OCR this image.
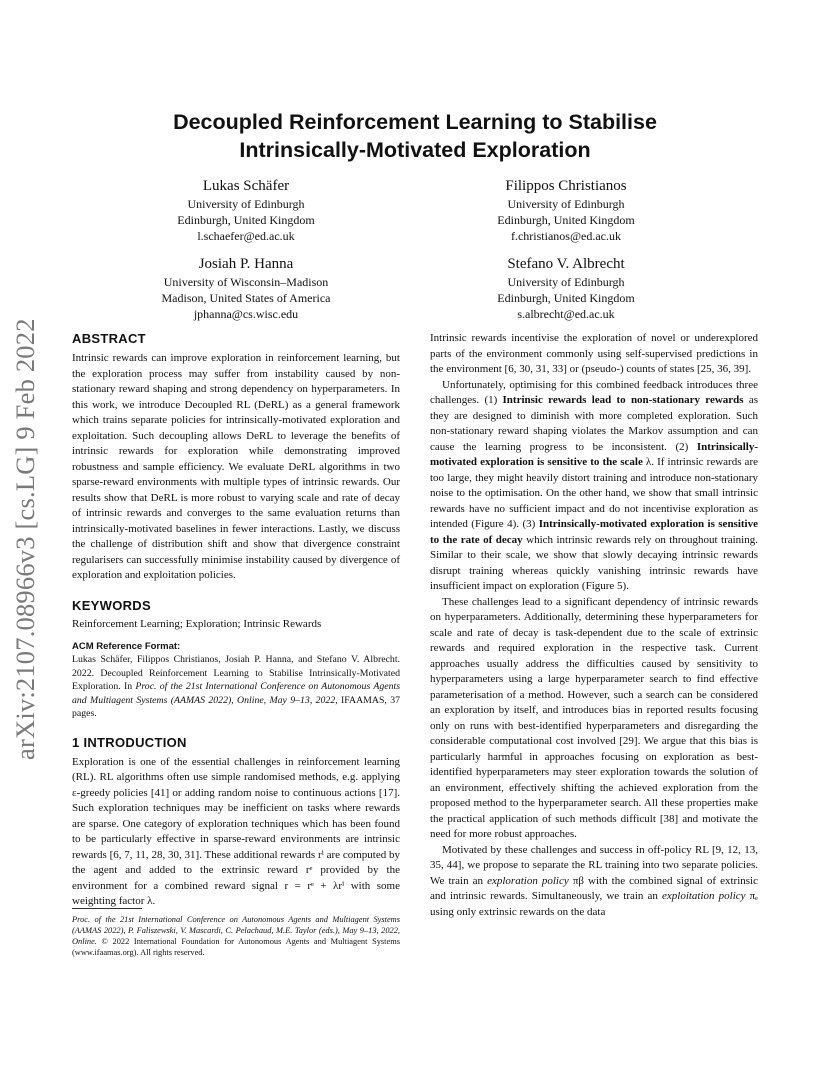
arXiv:2107.08966v3 [cs.LG] 9 Feb 2022
Decoupled Reinforcement Learning to Stabilise
Intrinsically-Motivated Exploration
Lukas Schäfer
University of Edinburgh
Edinburgh, United Kingdom
l.schaefer@ed.ac.uk
Filippos Christianos
University of Edinburgh
Edinburgh, United Kingdom
f.christianos@ed.ac.uk
Josiah P. Hanna
University of Wisconsin–Madison
Madison, United States of America
jphanna@cs.wisc.edu
Stefano V. Albrecht
University of Edinburgh
Edinburgh, United Kingdom
s.albrecht@ed.ac.uk
ABSTRACT

Intrinsic rewards can improve exploration in reinforcement learning, but the exploration process may suffer from instability caused by non-stationary reward shaping and strong dependency on hyperparameters. In this work, we introduce Decoupled RL (DeRL) as a general framework which trains separate policies for intrinsically-motivated exploration and exploitation. Such decoupling allows DeRL to leverage the benefits of intrinsic rewards for exploration while demonstrating improved robustness and sample efficiency. We evaluate DeRL algorithms in two sparse-reward environments with multiple types of intrinsic rewards. Our results show that DeRL is more robust to varying scale and rate of decay of intrinsic rewards and converges to the same evaluation returns than intrinsically-motivated baselines in fewer interactions. Lastly, we discuss the challenge of distribution shift and show that divergence constraint regularisers can successfully minimise instability caused by divergence of exploration and exploitation policies.

KEYWORDS

Reinforcement Learning; Exploration; Intrinsic Rewards

ACM Reference Format:

Lukas Schäfer, Filippos Christianos, Josiah P. Hanna, and Stefano V. Albrecht. 2022. Decoupled Reinforcement Learning to Stabilise Intrinsically-Motivated Exploration. In Proc. of the 21st International Conference on Autonomous Agents and Multiagent Systems (AAMAS 2022), Online, May 9–13, 2022, IFAAMAS, 37 pages.

1 INTRODUCTION

Exploration is one of the essential challenges in reinforcement learning (RL). RL algorithms often use simple randomised methods, e.g. applying ε-greedy policies [41] or adding random noise to continuous actions [17]. Such exploration techniques may be inefficient on tasks where rewards are sparse. One category of exploration techniques which has been found to be particularly effective in sparse-reward environments are intrinsic rewards [6, 7, 11, 28, 30, 31]. These additional rewards rⁱ are computed by the agent and added to the extrinsic reward rᵉ provided by the environment for a combined reward signal r = rᵉ + λrⁱ with some weighting factor λ.

Proc. of the 21st International Conference on Autonomous Agents and Multiagent Systems (AAMAS 2022), P. Faliszewski, V. Mascardi, C. Pelachaud, M.E. Taylor (eds.), May 9–13, 2022, Online. © 2022 International Foundation for Autonomous Agents and Multiagent Systems (www.ifaamas.org). All rights reserved.

Intrinsic rewards incentivise the exploration of novel or underexplored parts of the environment commonly using self-supervised predictions in the environment [6, 30, 31, 33] or (pseudo-) counts of states [25, 36, 39].

Unfortunately, optimising for this combined feedback introduces three challenges. (1) Intrinsic rewards lead to non-stationary rewards as they are designed to diminish with more completed exploration. Such non-stationary reward shaping violates the Markov assumption and can cause the learning progress to be inconsistent. (2) Intrinsically-motivated exploration is sensitive to the scale λ. If intrinsic rewards are too large, they might heavily distort training and introduce non-stationary noise to the optimisation. On the other hand, we show that small intrinsic rewards have no sufficient impact and do not incentivise exploration as intended (Figure 4). (3) Intrinsically-motivated exploration is sensitive to the rate of decay which intrinsic rewards rely on throughout training. Similar to their scale, we show that slowly decaying intrinsic rewards disrupt training whereas quickly vanishing intrinsic rewards have insufficient impact on exploration (Figure 5).

These challenges lead to a significant dependency of intrinsic rewards on hyperparameters. Additionally, determining these hyperparameters for scale and rate of decay is task-dependent due to the scale of extrinsic rewards and required exploration in the respective task. Current approaches usually address the difficulties caused by sensitivity to hyperparameters using a large hyperparameter search to find effective parameterisation of a method. However, such a search can be considered an exploration by itself, and introduces bias in reported results focusing only on runs with best-identified hyperparameters and disregarding the considerable computational cost involved [29]. We argue that this bias is particularly harmful in approaches focusing on exploration as best-identified hyperparameters may steer exploration towards the solution of an environment, effectively shifting the achieved exploration from the proposed method to the hyperparameter search. All these properties make the practical application of such methods difficult [38] and motivate the need for more robust approaches.

Motivated by these challenges and success in off-policy RL [9, 12, 13, 35, 44], we propose to separate the RL training into two separate policies. We train an exploration policy πβ with the combined signal of extrinsic and intrinsic rewards. Simultaneously, we train an exploitation policy πₑ using only extrinsic rewards on the data
